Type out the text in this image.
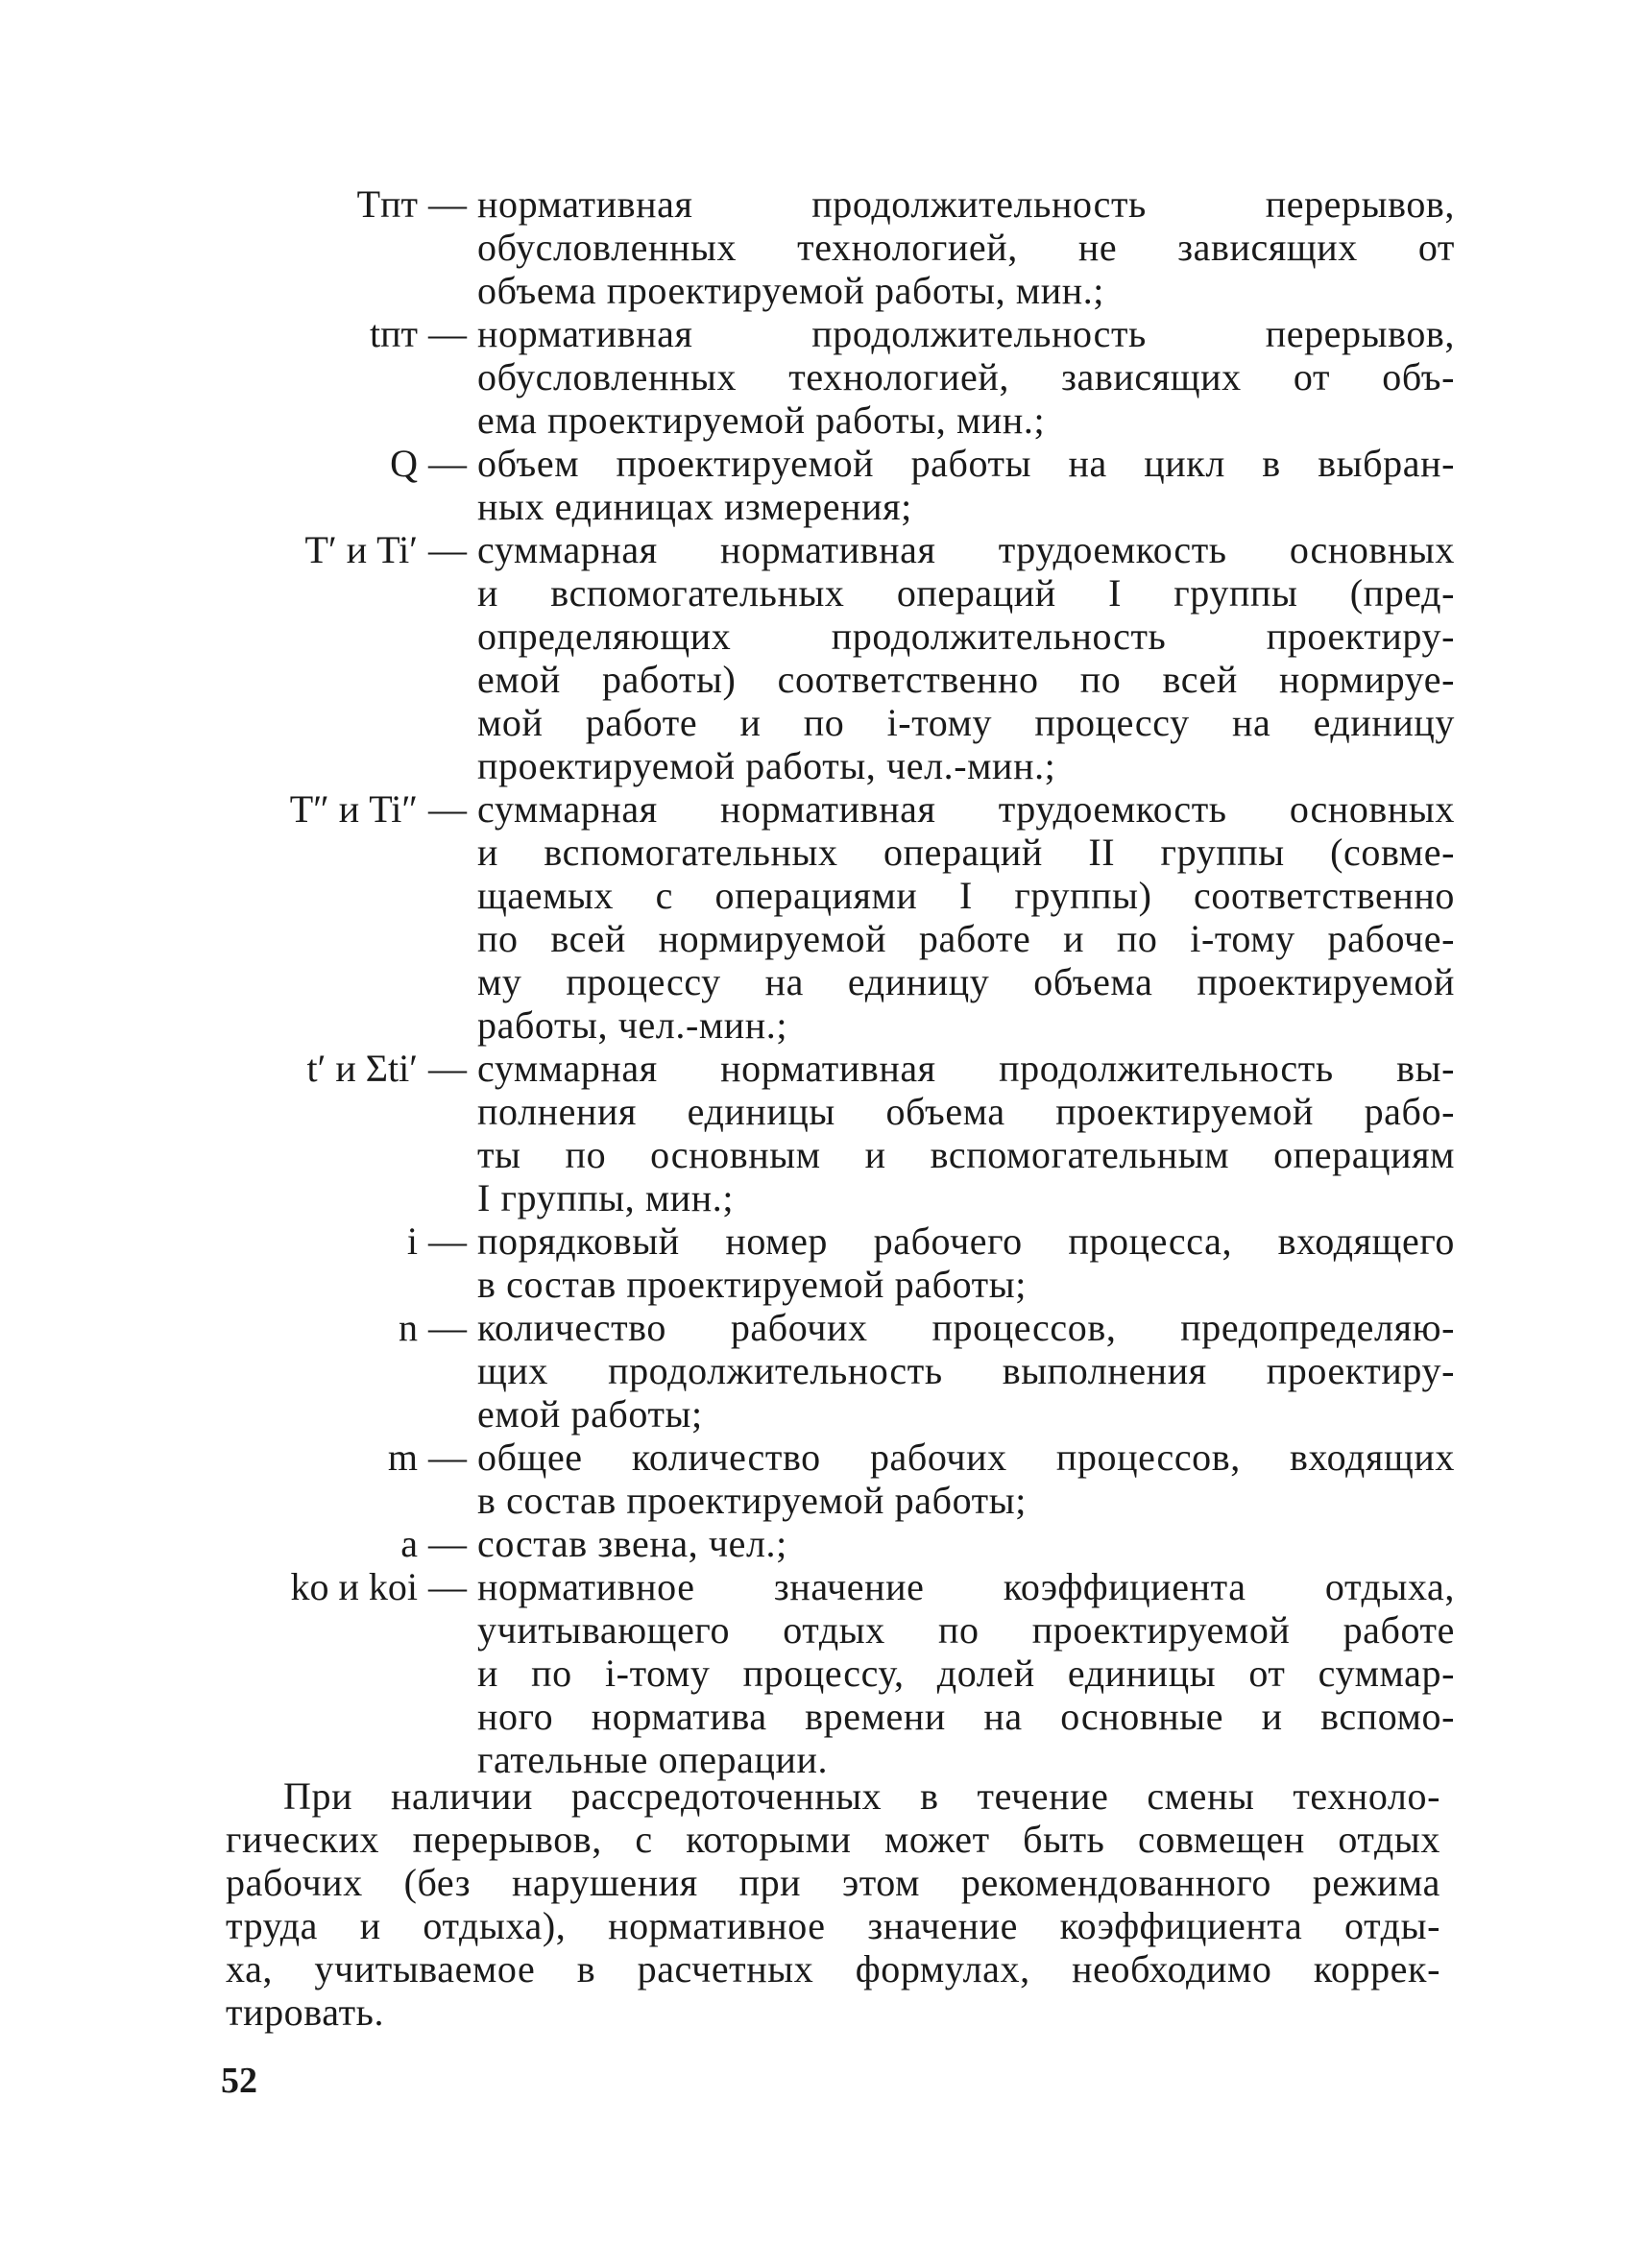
Tпт — нормативная продолжительность перерывов,
обусловленных технологией, не зависящих от
объема проектируемой работы, мин.;
tпт — нормативная продолжительность перерывов,
обусловленных технологией, зависящих от объ-
ема проектируемой работы, мин.;
Q — объем проектируемой работы на цикл в выбран-
ных единицах измерения;
T′ и Ti′ — суммарная нормативная трудоемкость основных
и вспомогательных операций I группы (пред-
определяющих продолжительность проектиру-
емой работы) соответственно по всей нормируе-
мой работе и по i-тому процессу на единицу
проектируемой работы, чел.-мин.;
T″ и Ti″ — суммарная нормативная трудоемкость основных
и вспомогательных операций II группы (совме-
щаемых с операциями I группы) соответственно
по всей нормируемой работе и по i-тому рабоче-
му процессу на единицу объема проектируемой
работы, чел.-мин.;
t′ и Σti′ — суммарная нормативная продолжительность вы-
полнения единицы объема проектируемой рабо-
ты по основным и вспомогательным операциям
I группы, мин.;
i — порядковый номер рабочего процесса, входящего
в состав проектируемой работы;
n — количество рабочих процессов, предопределяю-
щих продолжительность выполнения проектиру-
емой работы;
m — общее количество рабочих процессов, входящих
в состав проектируемой работы;
a — состав звена, чел.;
ko и koi — нормативное значение коэффициента отдыха,
учитывающего отдых по проектируемой работе
и по i-тому процессу, долей единицы от суммар-
ного норматива времени на основные и вспомо-
гательные операции.
При наличии рассредоточенных в течение смены техноло-
гических перерывов, с которыми может быть совмещен отдых
рабочих (без нарушения при этом рекомендованного режима
труда и отдыха), нормативное значение коэффициента отды-
ха, учитываемое в расчетных формулах, необходимо коррек-
тировать.
52
